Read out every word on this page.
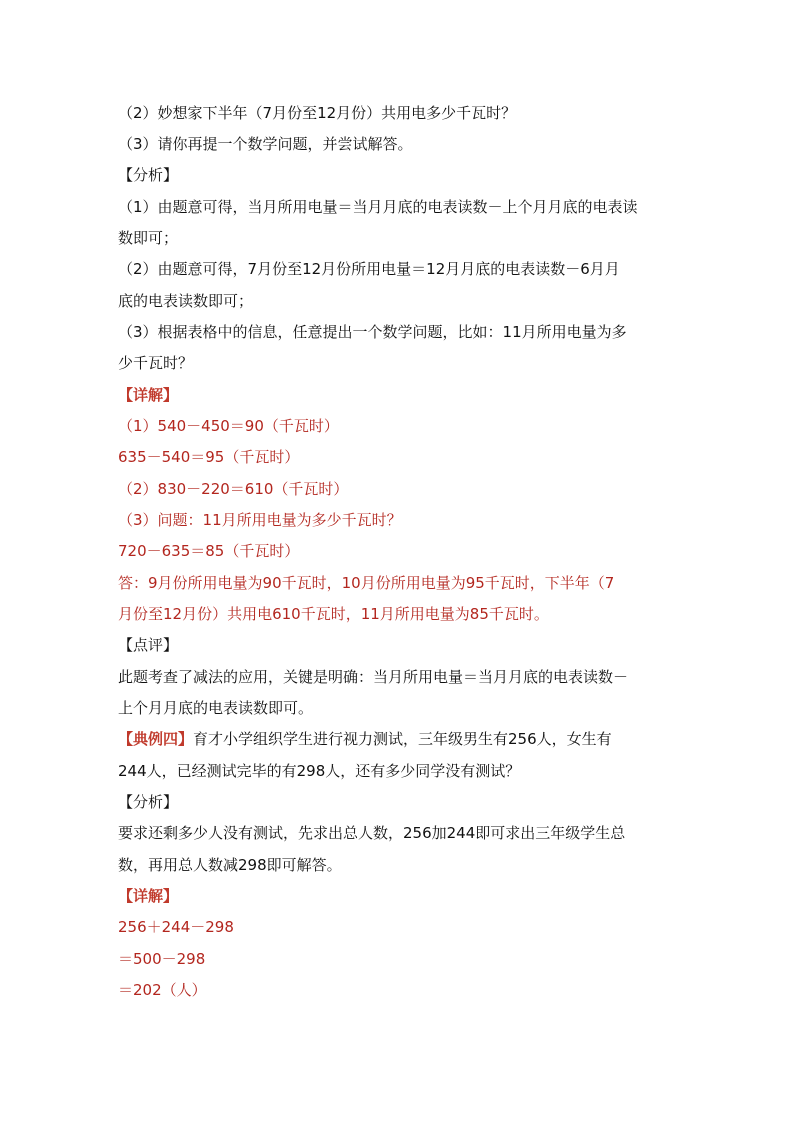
（2）妙想家下半年（7月份至12月份）共用电多少千瓦时？
（3）请你再提一个数学问题，并尝试解答。
【分析】
（1）由题意可得，当月所用电量＝当月月底的电表读数－上个月月底的电表读
数即可；
（2）由题意可得，7月份至12月份所用电量＝12月月底的电表读数－6月月
底的电表读数即可；
（3）根据表格中的信息，任意提出一个数学问题，比如：11月所用电量为多
少千瓦时？
【详解】
（1）540－450＝90（千瓦时）
635－540＝95（千瓦时）
（2）830－220＝610（千瓦时）
（3）问题：11月所用电量为多少千瓦时？
720－635＝85（千瓦时）
答：9月份所用电量为90千瓦时，10月份所用电量为95千瓦时，下半年（7
月份至12月份）共用电610千瓦时，11月所用电量为85千瓦时。
【点评】
此题考查了减法的应用，关键是明确：当月所用电量＝当月月底的电表读数－
上个月月底的电表读数即可。
【典例四】育才小学组织学生进行视力测试，三年级男生有256人，女生有
244人，已经测试完毕的有298人，还有多少同学没有测试？
【分析】
要求还剩多少人没有测试，先求出总人数，256加244即可求出三年级学生总
数，再用总人数减298即可解答。
【详解】
256＋244－298
＝500－298
＝202（人）
